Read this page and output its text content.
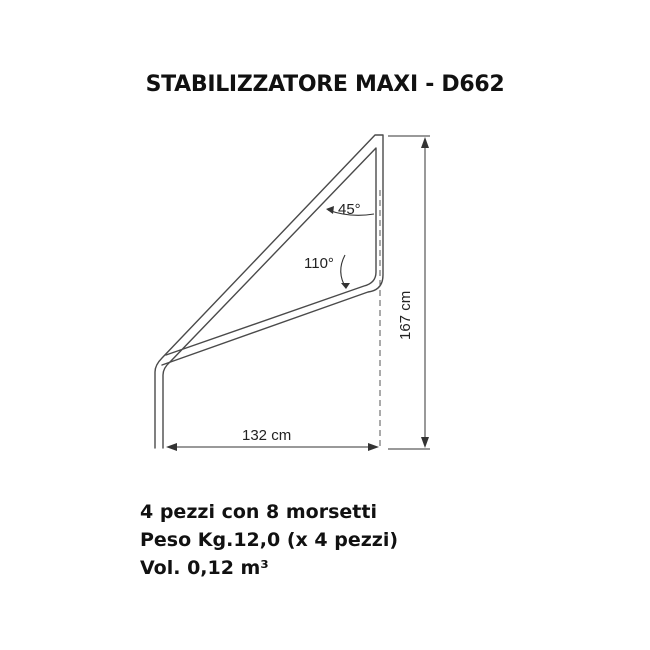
STABILIZZATORE MAXI - D662
45°
110°
167 cm
132 cm
4 pezzi con 8 morsetti
Peso Kg.12,0 (x 4 pezzi)
Vol. 0,12 m³
